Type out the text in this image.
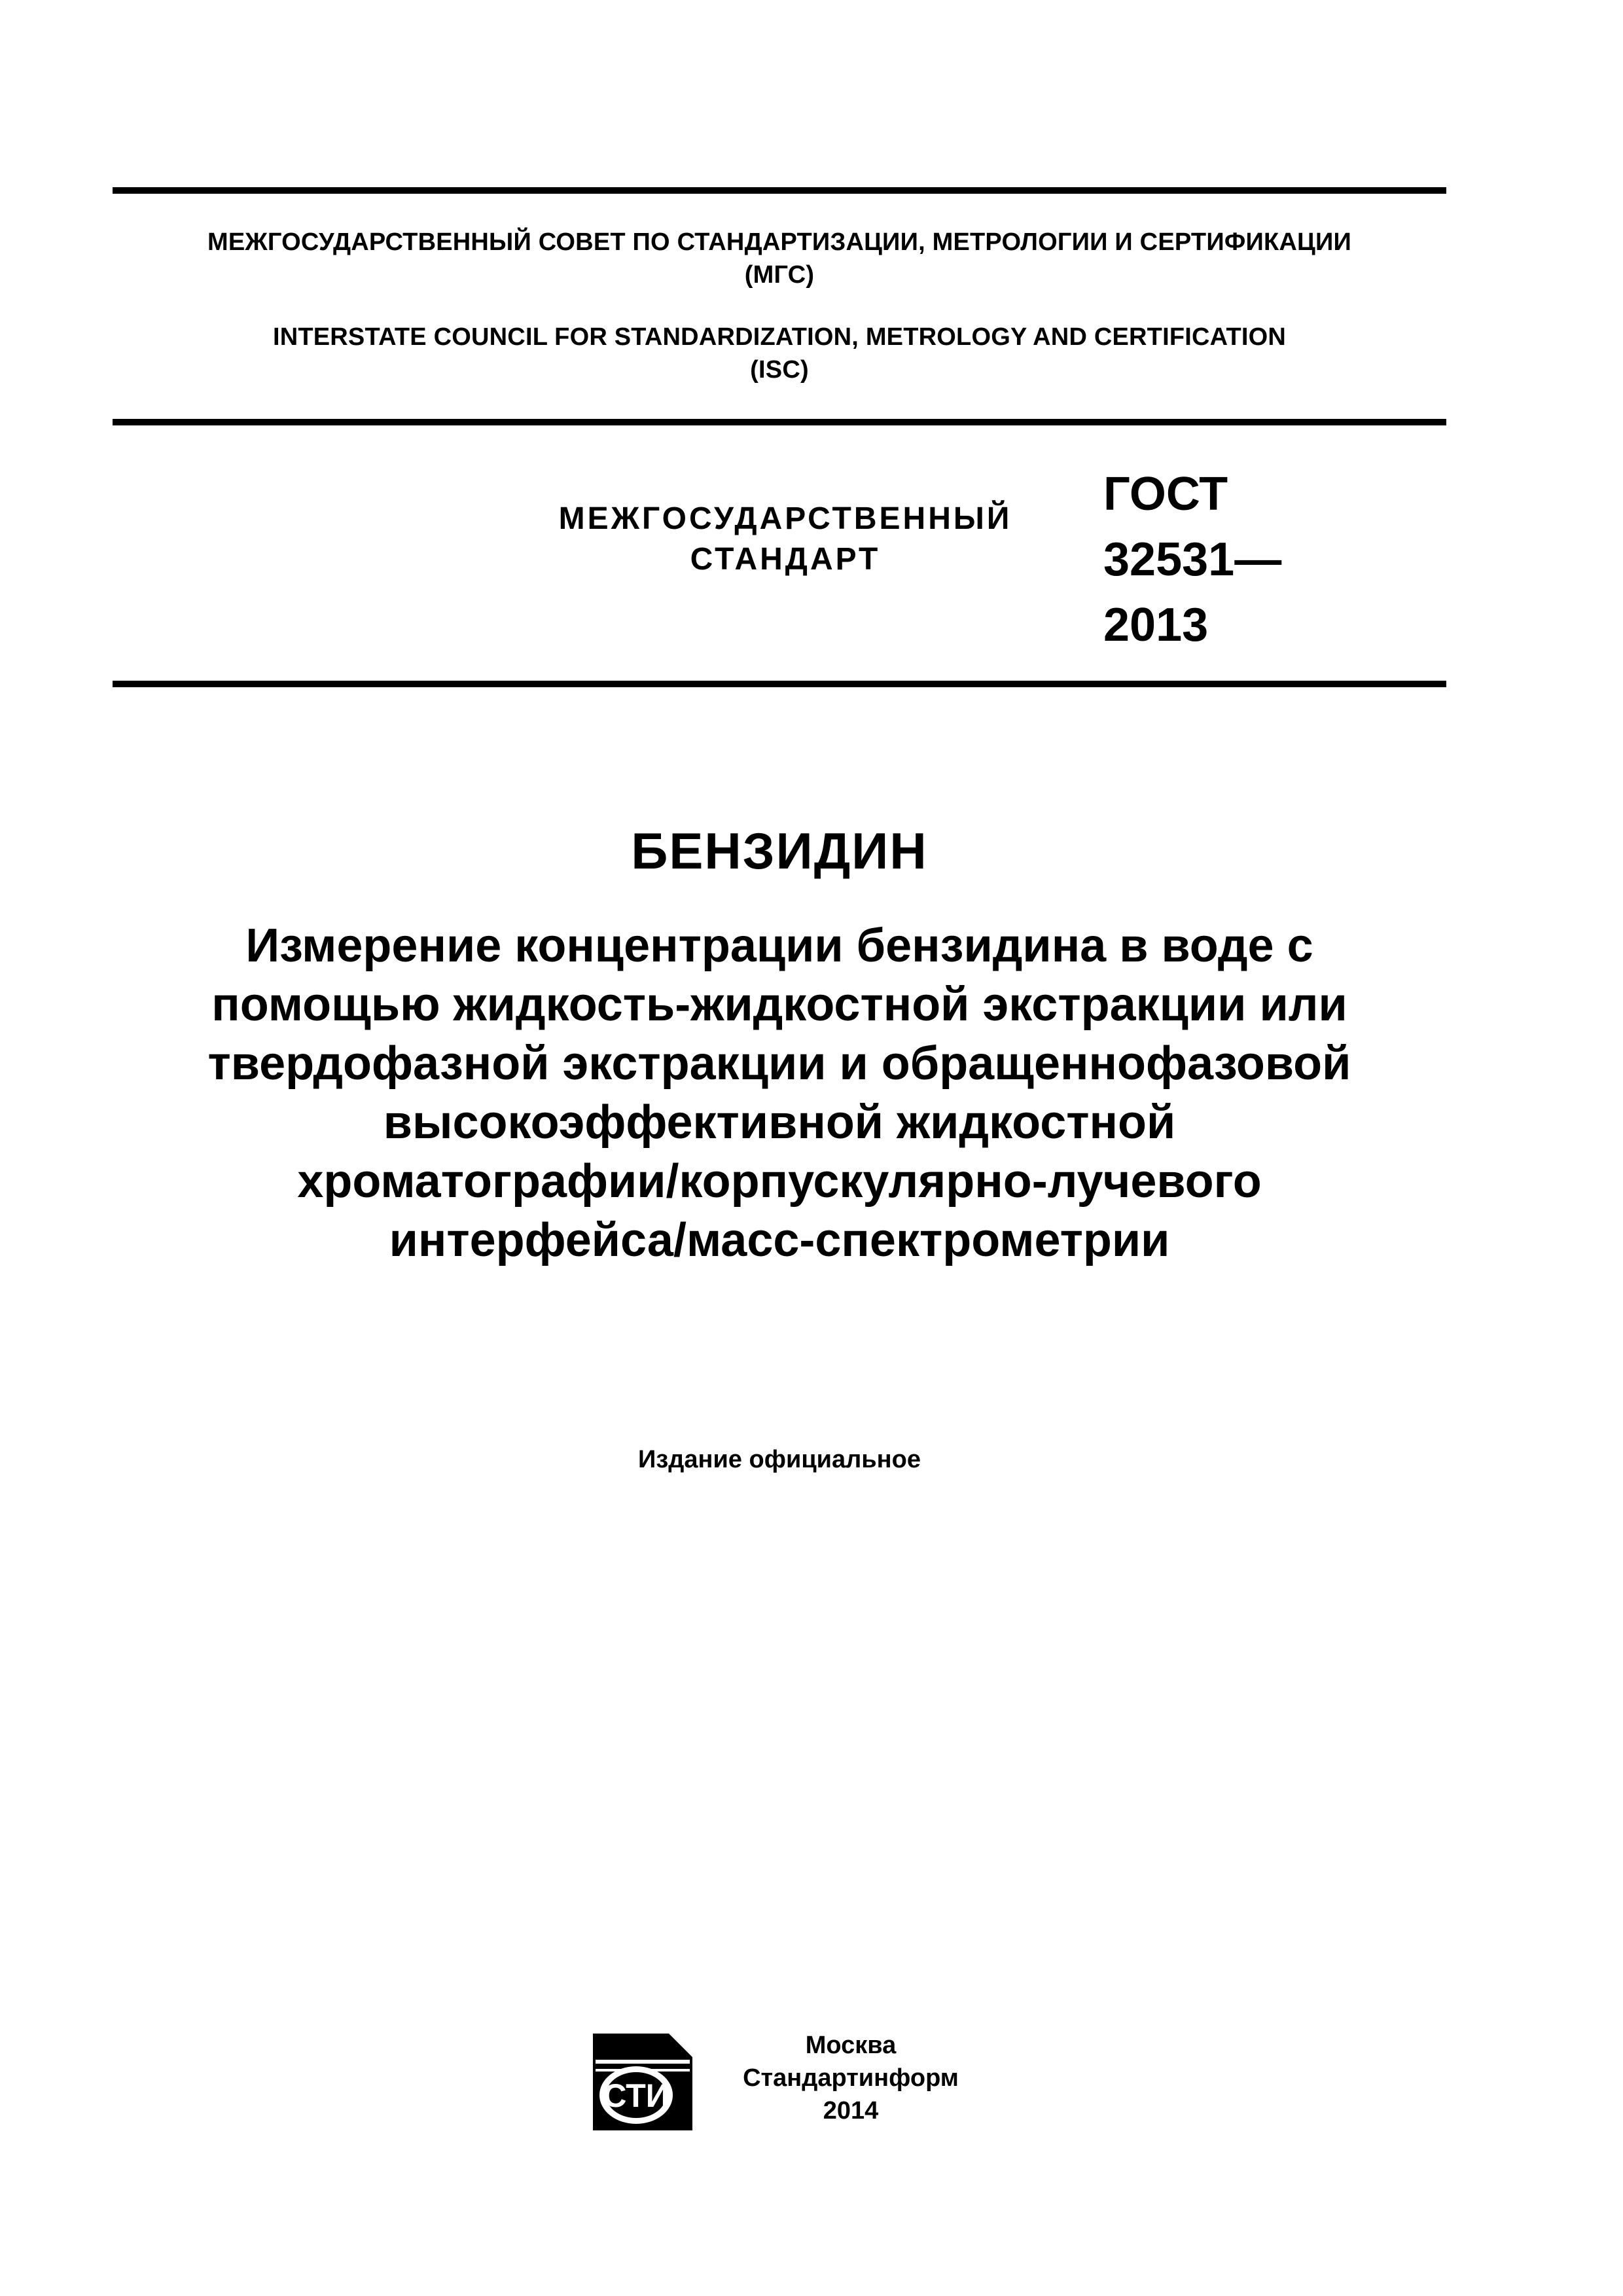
МЕЖГОСУДАРСТВЕННЫЙ СОВЕТ ПО СТАНДАРТИЗАЦИИ, МЕТРОЛОГИИ И СЕРТИФИКАЦИИ
(МГС)
INTERSTATE COUNCIL FOR STANDARDIZATION, METROLOGY AND CERTIFICATION
(ISC)
МЕЖГОСУДАРСТВЕННЫЙ
СТАНДАРТ
ГОСТ
32531—
2013
БЕНЗИДИН
Измерение концентрации бензидина в воде с
помощью жидкость-жидкостной экстракции или
твердофазной экстракции и обращеннофазовой
высокоэффективной жидкостной
хроматографии/корпускулярно-лучевого
интерфейса/масс-спектрометрии
Издание официальное
СТИ
Москва
Стандартинформ
2014
